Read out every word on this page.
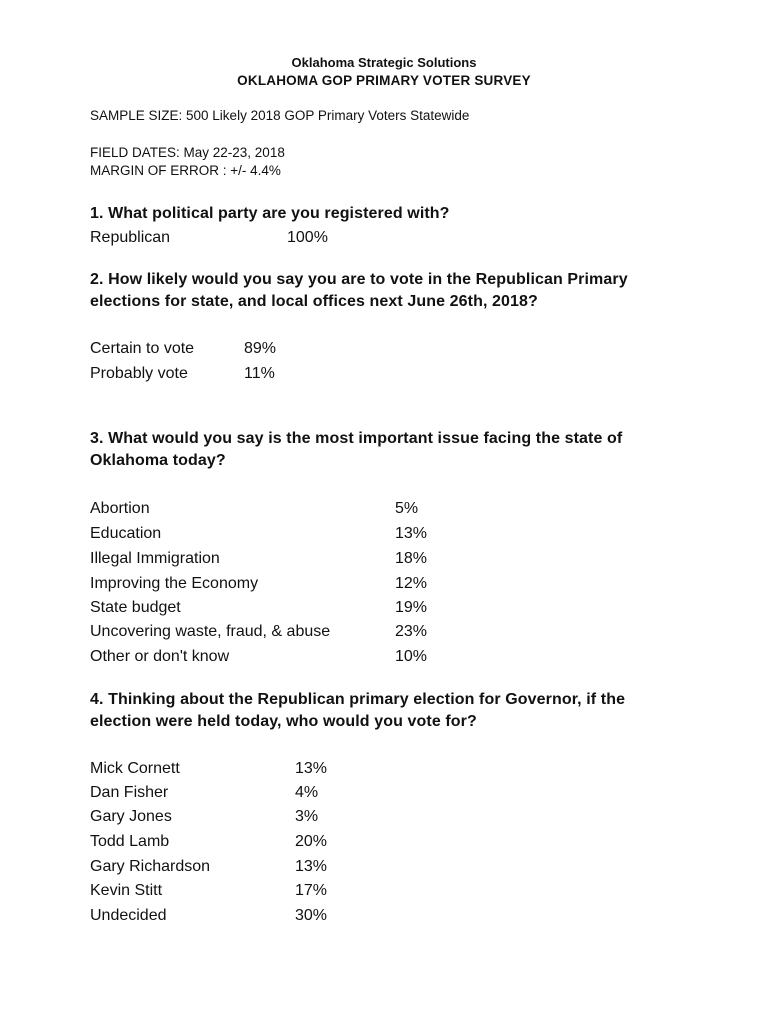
Oklahoma Strategic Solutions
OKLAHOMA GOP PRIMARY VOTER SURVEY
SAMPLE SIZE: 500 Likely 2018 GOP Primary Voters Statewide
FIELD DATES: May 22-23, 2018
MARGIN OF ERROR : +/- 4.4%
1. What political party are you registered with?
Republican	100%
2. How likely would you say you are to vote in the Republican Primary elections for state, and local offices next June 26th, 2018?
Certain to vote	89%
Probably vote	11%
3. What would you say is the most important issue facing the state of Oklahoma today?
Abortion	5%
Education	13%
Illegal Immigration	18%
Improving the Economy	12%
State budget	19%
Uncovering waste, fraud, & abuse	23%
Other or don't know	10%
4. Thinking about the Republican primary election for Governor, if the election were held today, who would you vote for?
Mick Cornett	13%
Dan Fisher	4%
Gary Jones	3%
Todd Lamb	20%
Gary Richardson	13%
Kevin Stitt	17%
Undecided	30%
